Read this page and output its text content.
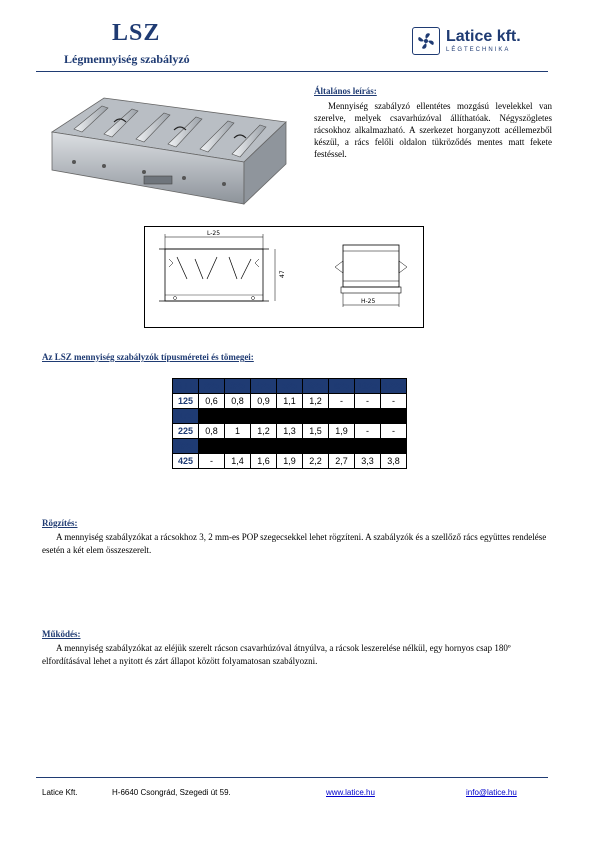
LSZ
Légmennyiség szabályzó
Latice kft.
LÉGTECHNIKA
Általános leírás:

Mennyiség szabályzó ellentétes mozgású levelekkel van szerelve, melyek csavarhúzóval állíthatóak. Négyszögletes rácsokhoz alkalmazható. A szerkezet horganyzott acéllemezből készül, a rács felőli oldalon tükröződés mentes matt fekete festéssel.

L-25
47
H-25
Az LSZ mennyiség szabályzók típusméretei és tömegei:
B / L	225	325	425	525	625	825	1025	1225
125	0,6	0,8	0,9	1,1	1,2	-	-	-
175								
225	0,8	1	1,2	1,3	1,5	1,9	-	-
325								
425	-	1,4	1,6	1,9	2,2	2,7	3,3	3,8
Rögzítés:

A mennyiség szabályzókat a rácsokhoz 3, 2 mm-es POP szegecsekkel lehet rögzíteni. A szabályzók és a szellőző rács együttes rendelése esetén a két elem összeszerelt.

Működés:

A mennyiség szabályzókat az eléjük szerelt rácson csavarhúzóval átnyúlva, a rácsok leszerelése nélkül, egy hornyos csap 180º elfordításával lehet a nyitott és zárt állapot között folyamatosan szabályozni.

Latice Kft.	H-6640 Csongrád, Szegedi út 59.	www.latice.hu	info@latice.hu
